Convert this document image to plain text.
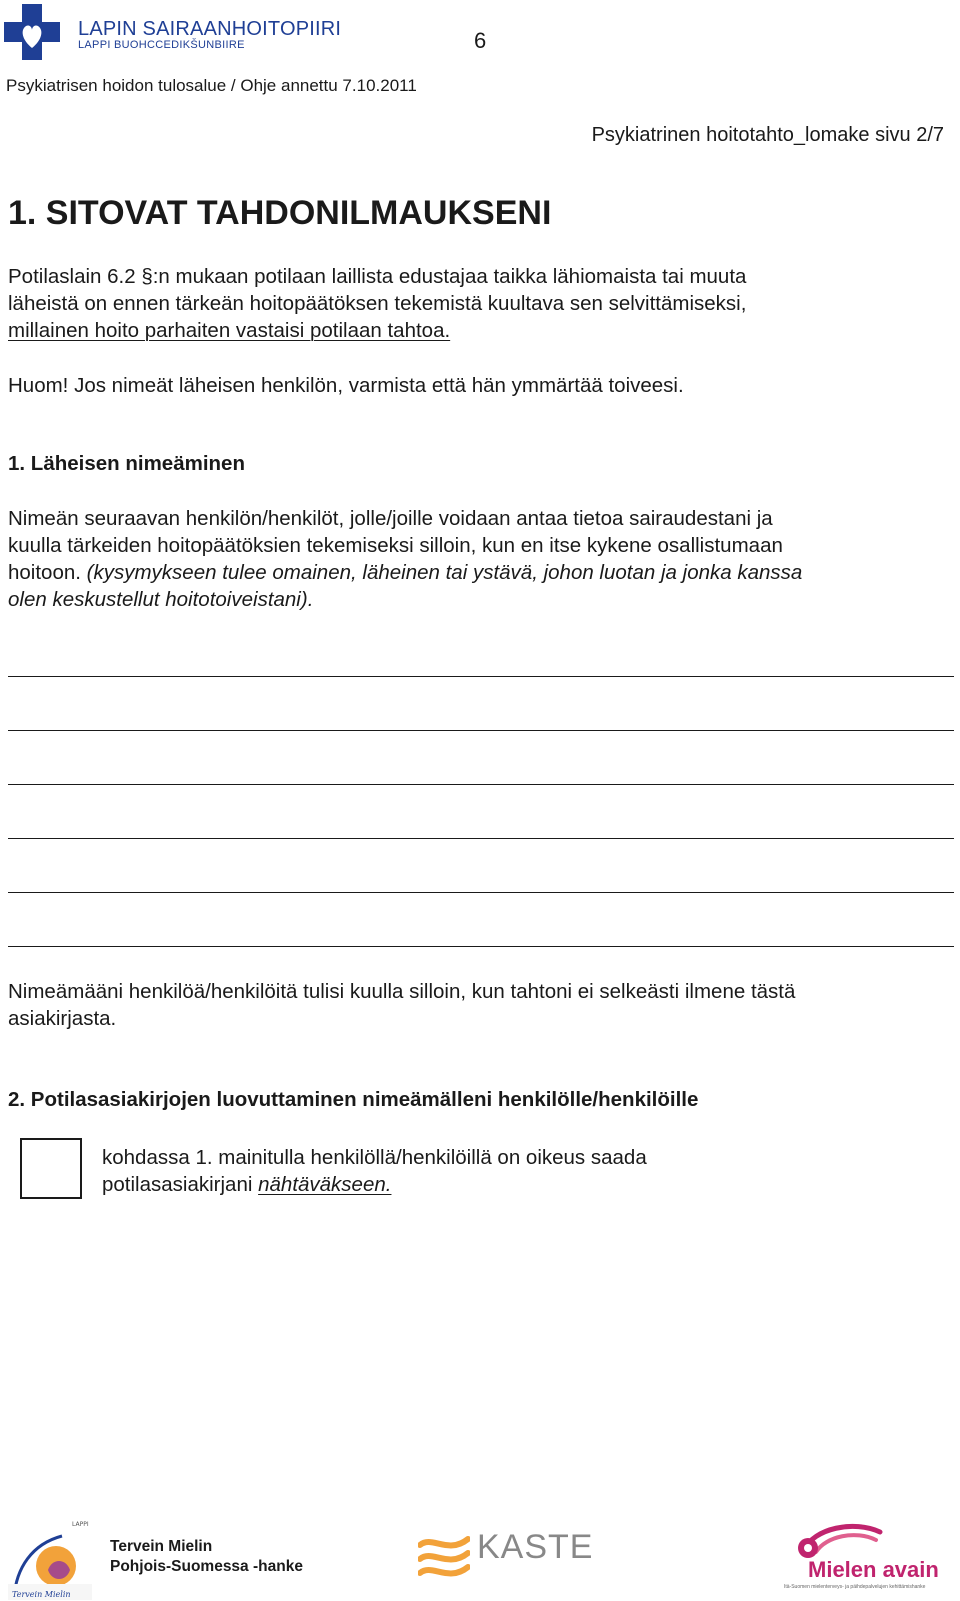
LAPIN SAIRAANHOITOPIIRI
LAPPI BUOHCCEDIKŠUNBIIRE	6
Psykiatrisen hoidon tulosalue / Ohje annettu 7.10.2011
Psykiatrinen hoitotahto_lomake sivu 2/7
1. SITOVAT TAHDONILMAUKSENI
Potilaslain 6.2 §:n mukaan potilaan laillista edustajaa taikka lähiomaista tai muuta
läheistä on ennen tärkeän hoitopäätöksen tekemistä kuultava sen selvittämiseksi,
millainen hoito parhaiten vastaisi potilaan tahtoa.
Huom! Jos nimeät läheisen henkilön, varmista että hän ymmärtää toiveesi.
1. Läheisen nimeäminen
Nimeän seuraavan henkilön/henkilöt, jolle/joille voidaan antaa tietoa sairaudestani ja
kuulla tärkeiden hoitopäätöksien tekemiseksi silloin, kun en itse kykene osallistumaan
hoitoon. (kysymykseen tulee omainen, läheinen tai ystävä, johon luotan ja jonka kanssa
olen keskustellut hoitotoiveistani).
Nimeämääni henkilöä/henkilöitä tulisi kuulla silloin, kun tahtoni ei selkeästi ilmene tästä
asiakirjasta.
2. Potilasasiakirjojen luovuttaminen nimeämälleni henkilölle/henkilöille
kohdassa 1. mainitulla henkilöllä/henkilöillä on oikeus saada
potilasasiakirjani nähtäväkseen.
Tervein Mielin
LAPPI
Tervein Mielin
Pohjois-Suomessa -hanke
KASTE
Mielen avain
Itä-Suomen mielenterveys- ja päihdepalvelujen kehittämishanke
